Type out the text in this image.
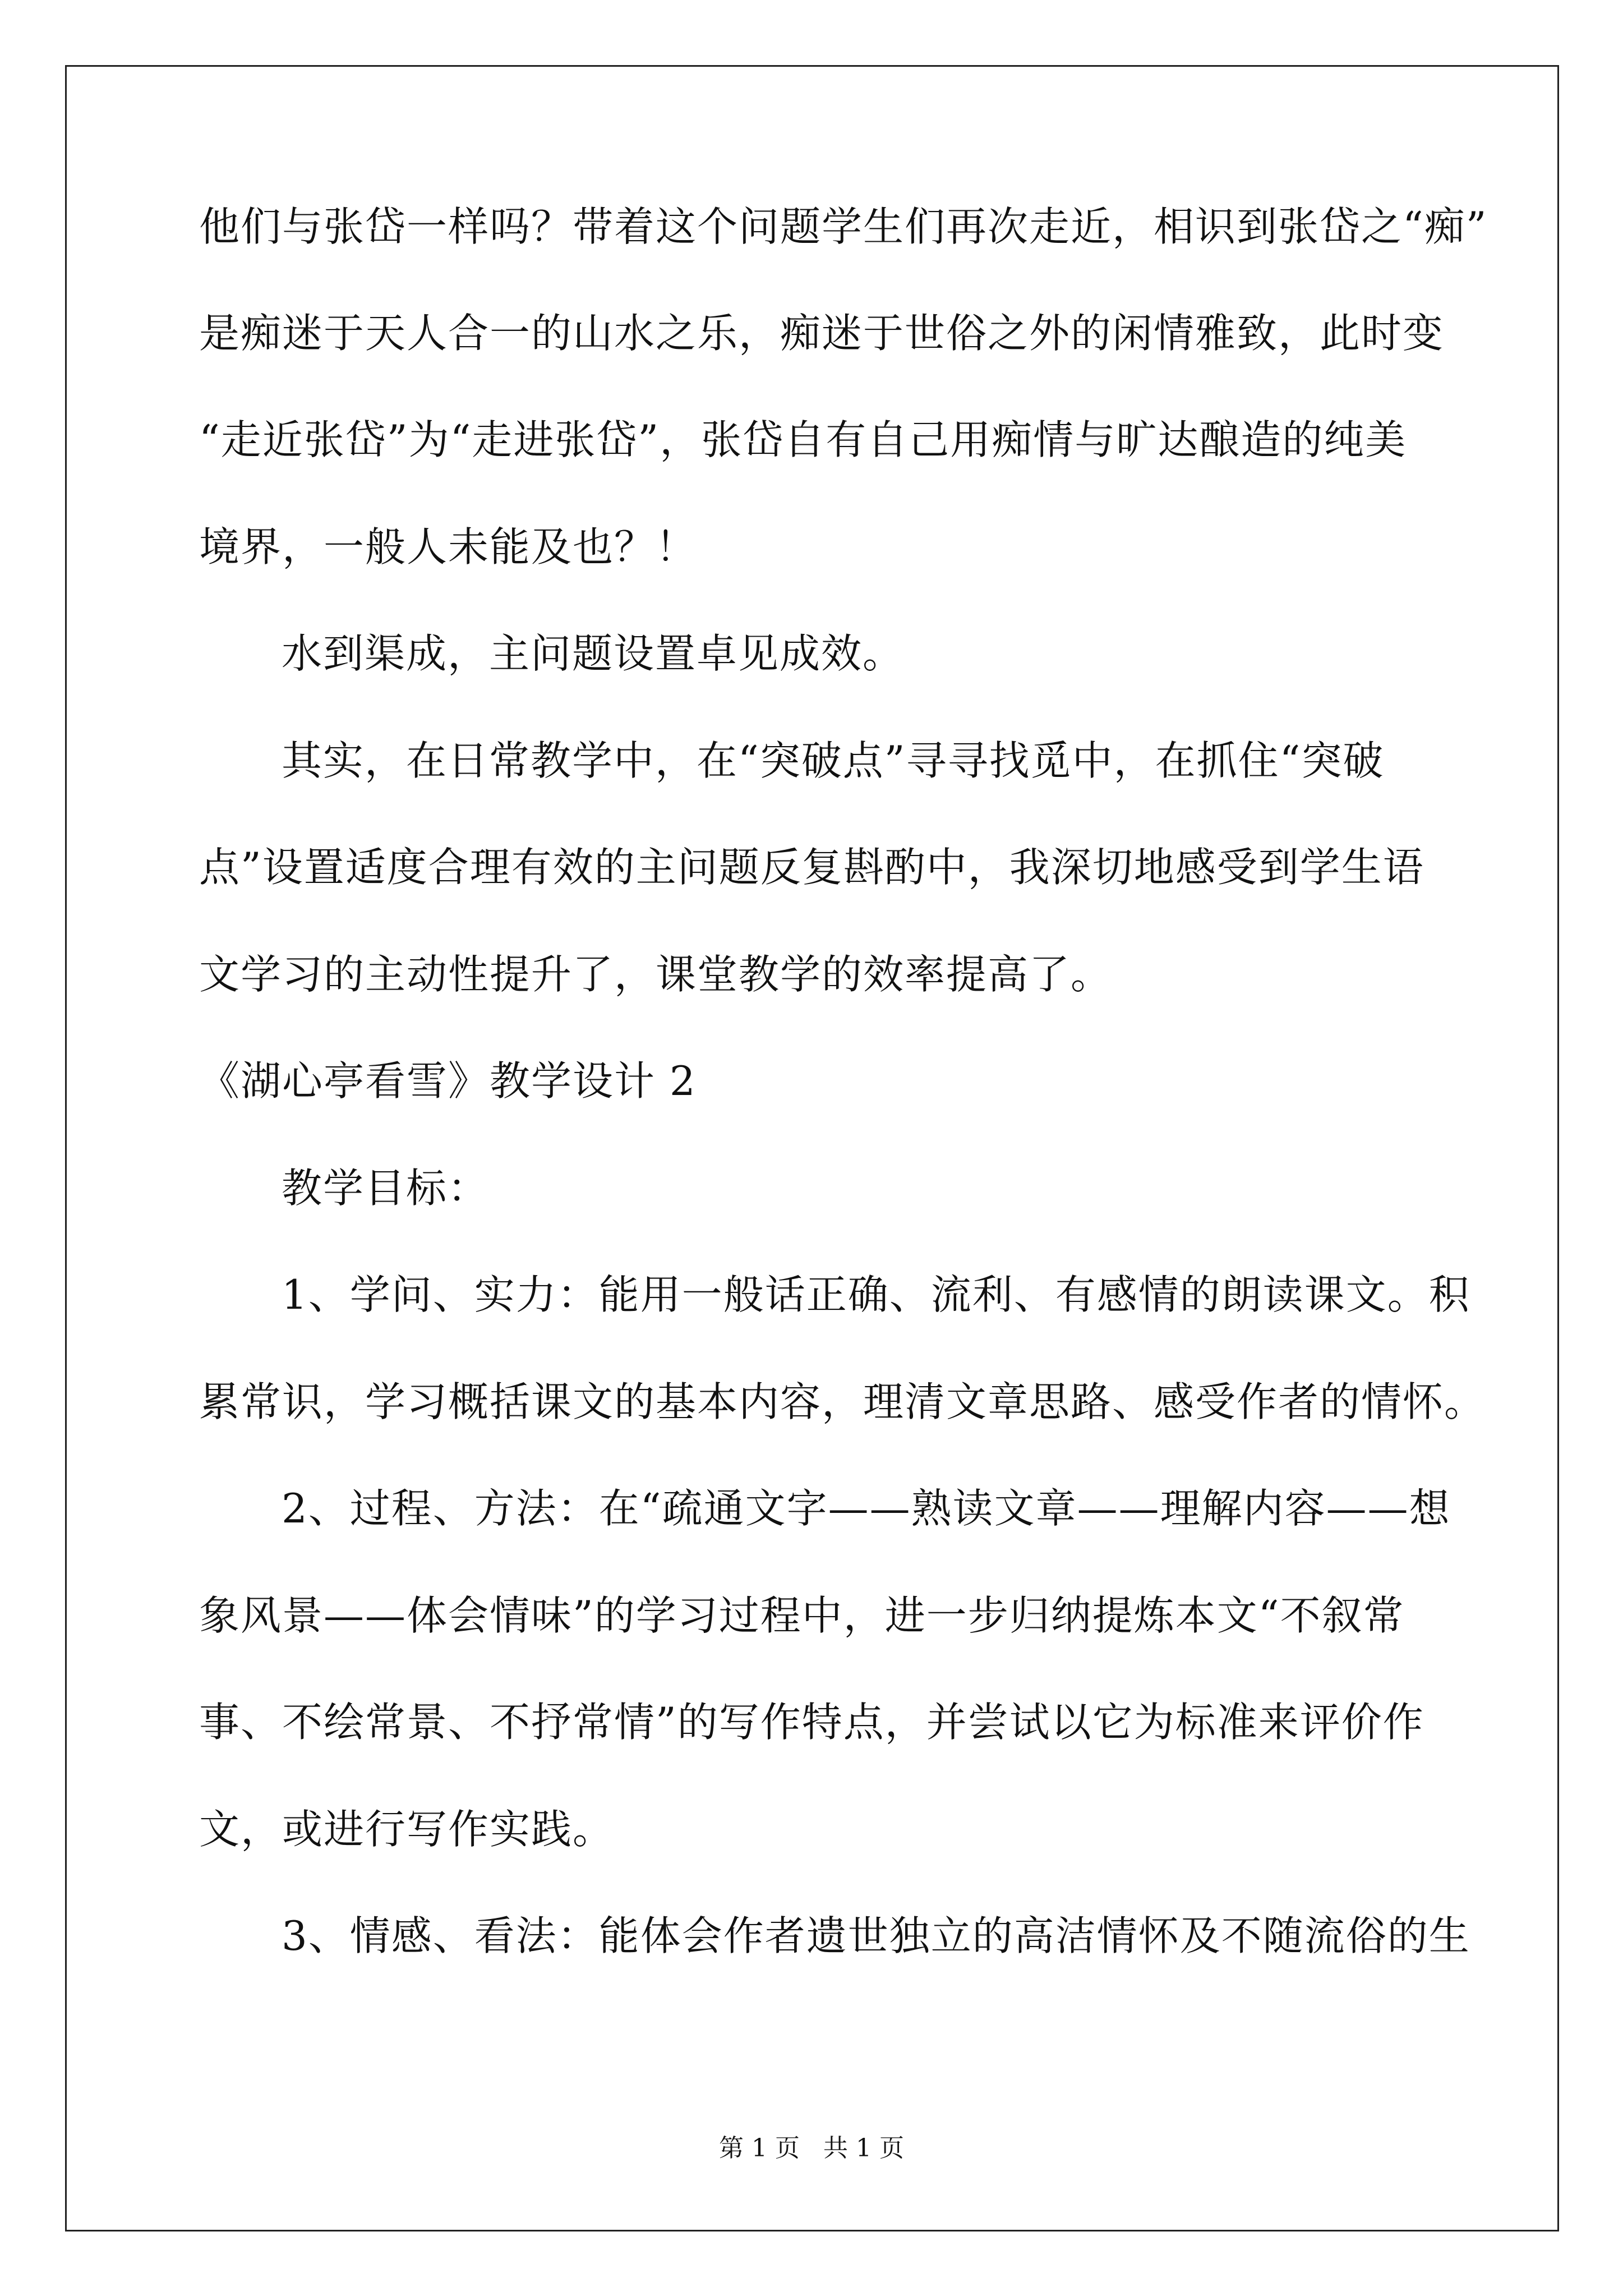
他们与张岱一样吗？带着这个问题学生们再次走近，相识到张岱之“痴”
是痴迷于天人合一的山水之乐，痴迷于世俗之外的闲情雅致，此时变
“走近张岱”为“走进张岱”，张岱自有自己用痴情与旷达酿造的纯美
境界，一般人未能及也？！
水到渠成，主问题设置卓见成效。
其实，在日常教学中，在“突破点”寻寻找觅中，在抓住“突破
点”设置适度合理有效的主问题反复斟酌中，我深切地感受到学生语
文学习的主动性提升了，课堂教学的效率提高了。
《湖心亭看雪》教学设计 2
教学目标：
1、学问、实力：能用一般话正确、流利、有感情的朗读课文。积
累常识，学习概括课文的基本内容，理清文章思路、感受作者的情怀。
2、过程、方法：在“疏通文字——熟读文章——理解内容——想
象风景——体会情味”的学习过程中，进一步归纳提炼本文“不叙常
事、不绘常景、不抒常情”的写作特点，并尝试以它为标准来评价作
文，或进行写作实践。
3、情感、看法：能体会作者遗世独立的高洁情怀及不随流俗的生
第 1 页   共 1 页
